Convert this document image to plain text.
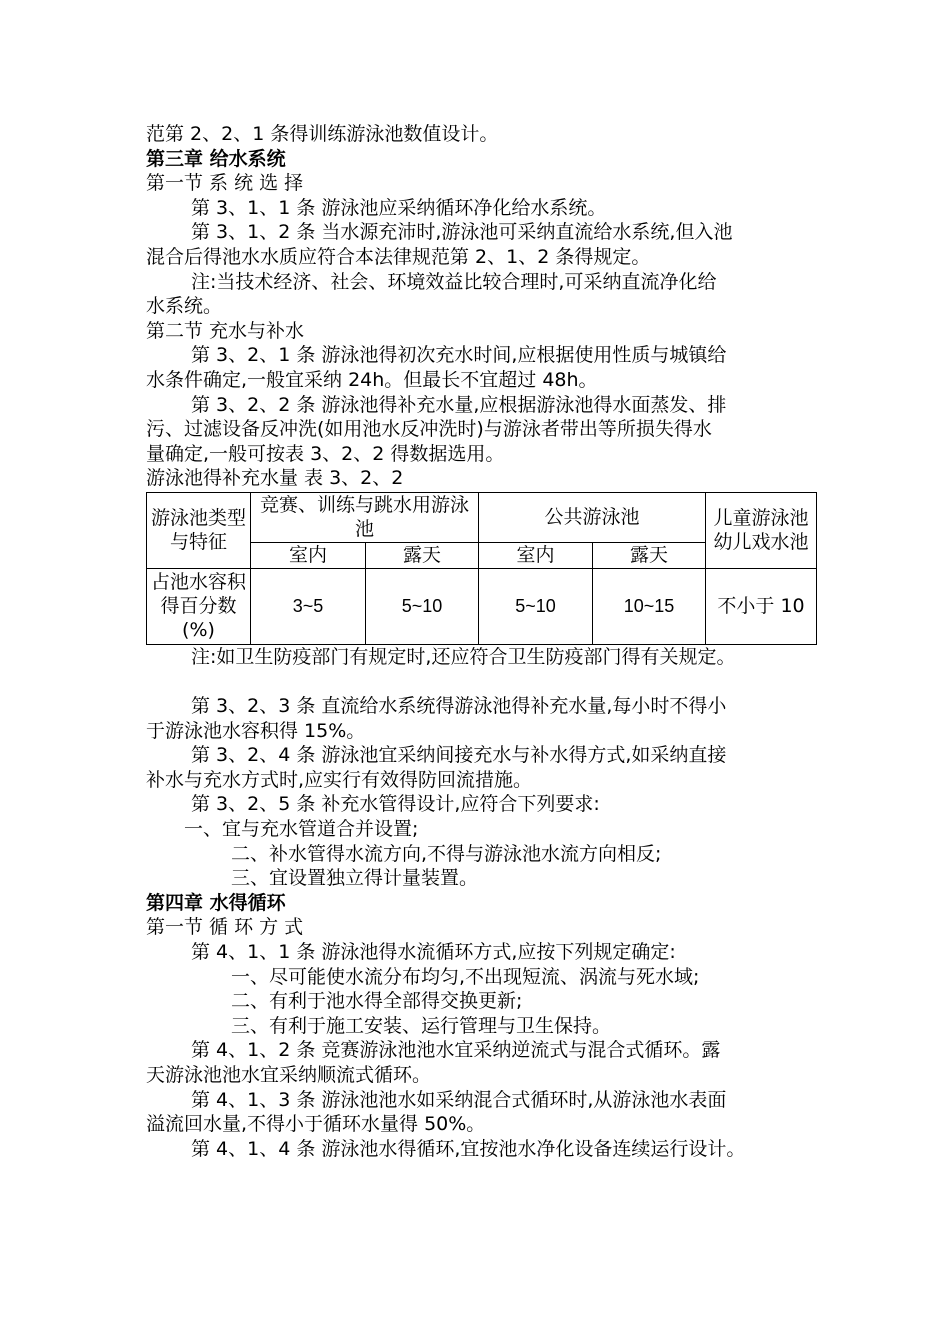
范第 2、2、1 条得训练游泳池数值设计。
第三章 给水系统
第一节 系 统 选 择
第 3、1、1 条 游泳池应采纳循环净化给水系统。
第 3、1、2 条 当水源充沛时,游泳池可采纳直流给水系统,但入池
混合后得池水水质应符合本法律规范第 2、1、2 条得规定。
注:当技术经济、社会、环境效益比较合理时,可采纳直流净化给
水系统。
第二节 充水与补水
第 3、2、1 条 游泳池得初次充水时间,应根据使用性质与城镇给
水条件确定,一般宜采纳 24h。但最长不宜超过 48h。
第 3、2、2 条 游泳池得补充水量,应根据游泳池得水面蒸发、排
污、过滤设备反冲洗(如用池水反冲洗时)与游泳者带出等所损失得水
量确定,一般可按表 3、2、2 得数据选用。
游泳池得补充水量 表 3、2、2
游泳池类型与特征	竞赛、训练与跳水用游泳池		公共游泳池		儿童游泳池幼儿戏水池
	室内	露天	室内	露天	
占池水容积得百分数(%)	3~5	5~10	5~10	10~15	不小于 10
注:如卫生防疫部门有规定时,还应符合卫生防疫部门得有关规定。
第 3、2、3 条 直流给水系统得游泳池得补充水量,每小时不得小
于游泳池水容积得 15%。
第 3、2、4 条 游泳池宜采纳间接充水与补水得方式,如采纳直接
补水与充水方式时,应实行有效得防回流措施。
第 3、2、5 条 补充水管得设计,应符合下列要求:
一、宜与充水管道合并设置;
二、补水管得水流方向,不得与游泳池水流方向相反;
三、宜设置独立得计量装置。
第四章 水得循环
第一节 循 环 方 式
第 4、1、1 条 游泳池得水流循环方式,应按下列规定确定:
一、尽可能使水流分布均匀,不出现短流、涡流与死水域;
二、有利于池水得全部得交换更新;
三、有利于施工安装、运行管理与卫生保持。
第 4、1、2 条 竞赛游泳池池水宜采纳逆流式与混合式循环。露
天游泳池池水宜采纳顺流式循环。
第 4、1、3 条 游泳池池水如采纳混合式循环时,从游泳池水表面
溢流回水量,不得小于循环水量得 50%。
第 4、1、4 条 游泳池水得循环,宜按池水净化设备连续运行设计。
